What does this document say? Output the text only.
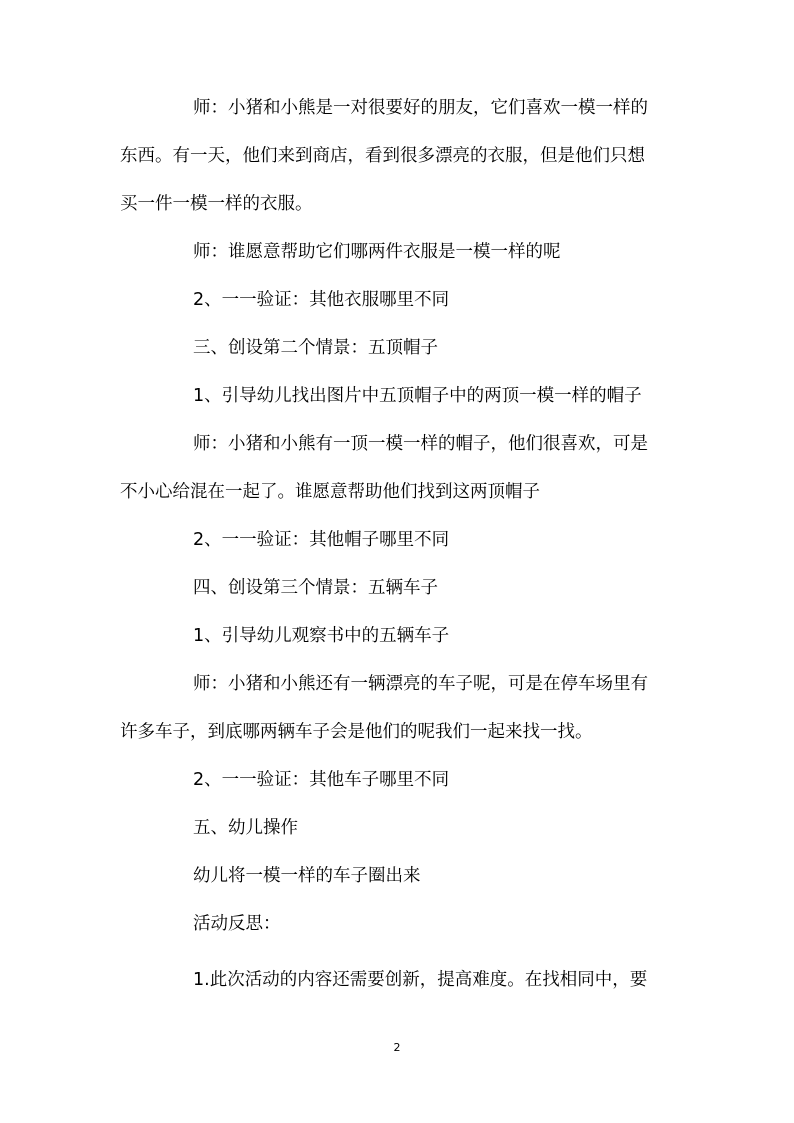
师：小猪和小熊是一对很要好的朋友，它们喜欢一模一样的
东西。有一天，他们来到商店，看到很多漂亮的衣服，但是他们只想
买一件一模一样的衣服。

师：谁愿意帮助它们哪两件衣服是一模一样的呢

2、一一验证：其他衣服哪里不同

三、创设第二个情景：五顶帽子

1、引导幼儿找出图片中五顶帽子中的两顶一模一样的帽子

师：小猪和小熊有一顶一模一样的帽子，他们很喜欢，可是
不小心给混在一起了。谁愿意帮助他们找到这两顶帽子

2、一一验证：其他帽子哪里不同

四、创设第三个情景：五辆车子

1、引导幼儿观察书中的五辆车子

师：小猪和小熊还有一辆漂亮的车子呢，可是在停车场里有
许多车子，到底哪两辆车子会是他们的呢我们一起来找一找。

2、一一验证：其他车子哪里不同

五、幼儿操作

幼儿将一模一样的车子圈出来

活动反思：

1.此次活动的内容还需要创新，提高难度。在找相同中，要

2
